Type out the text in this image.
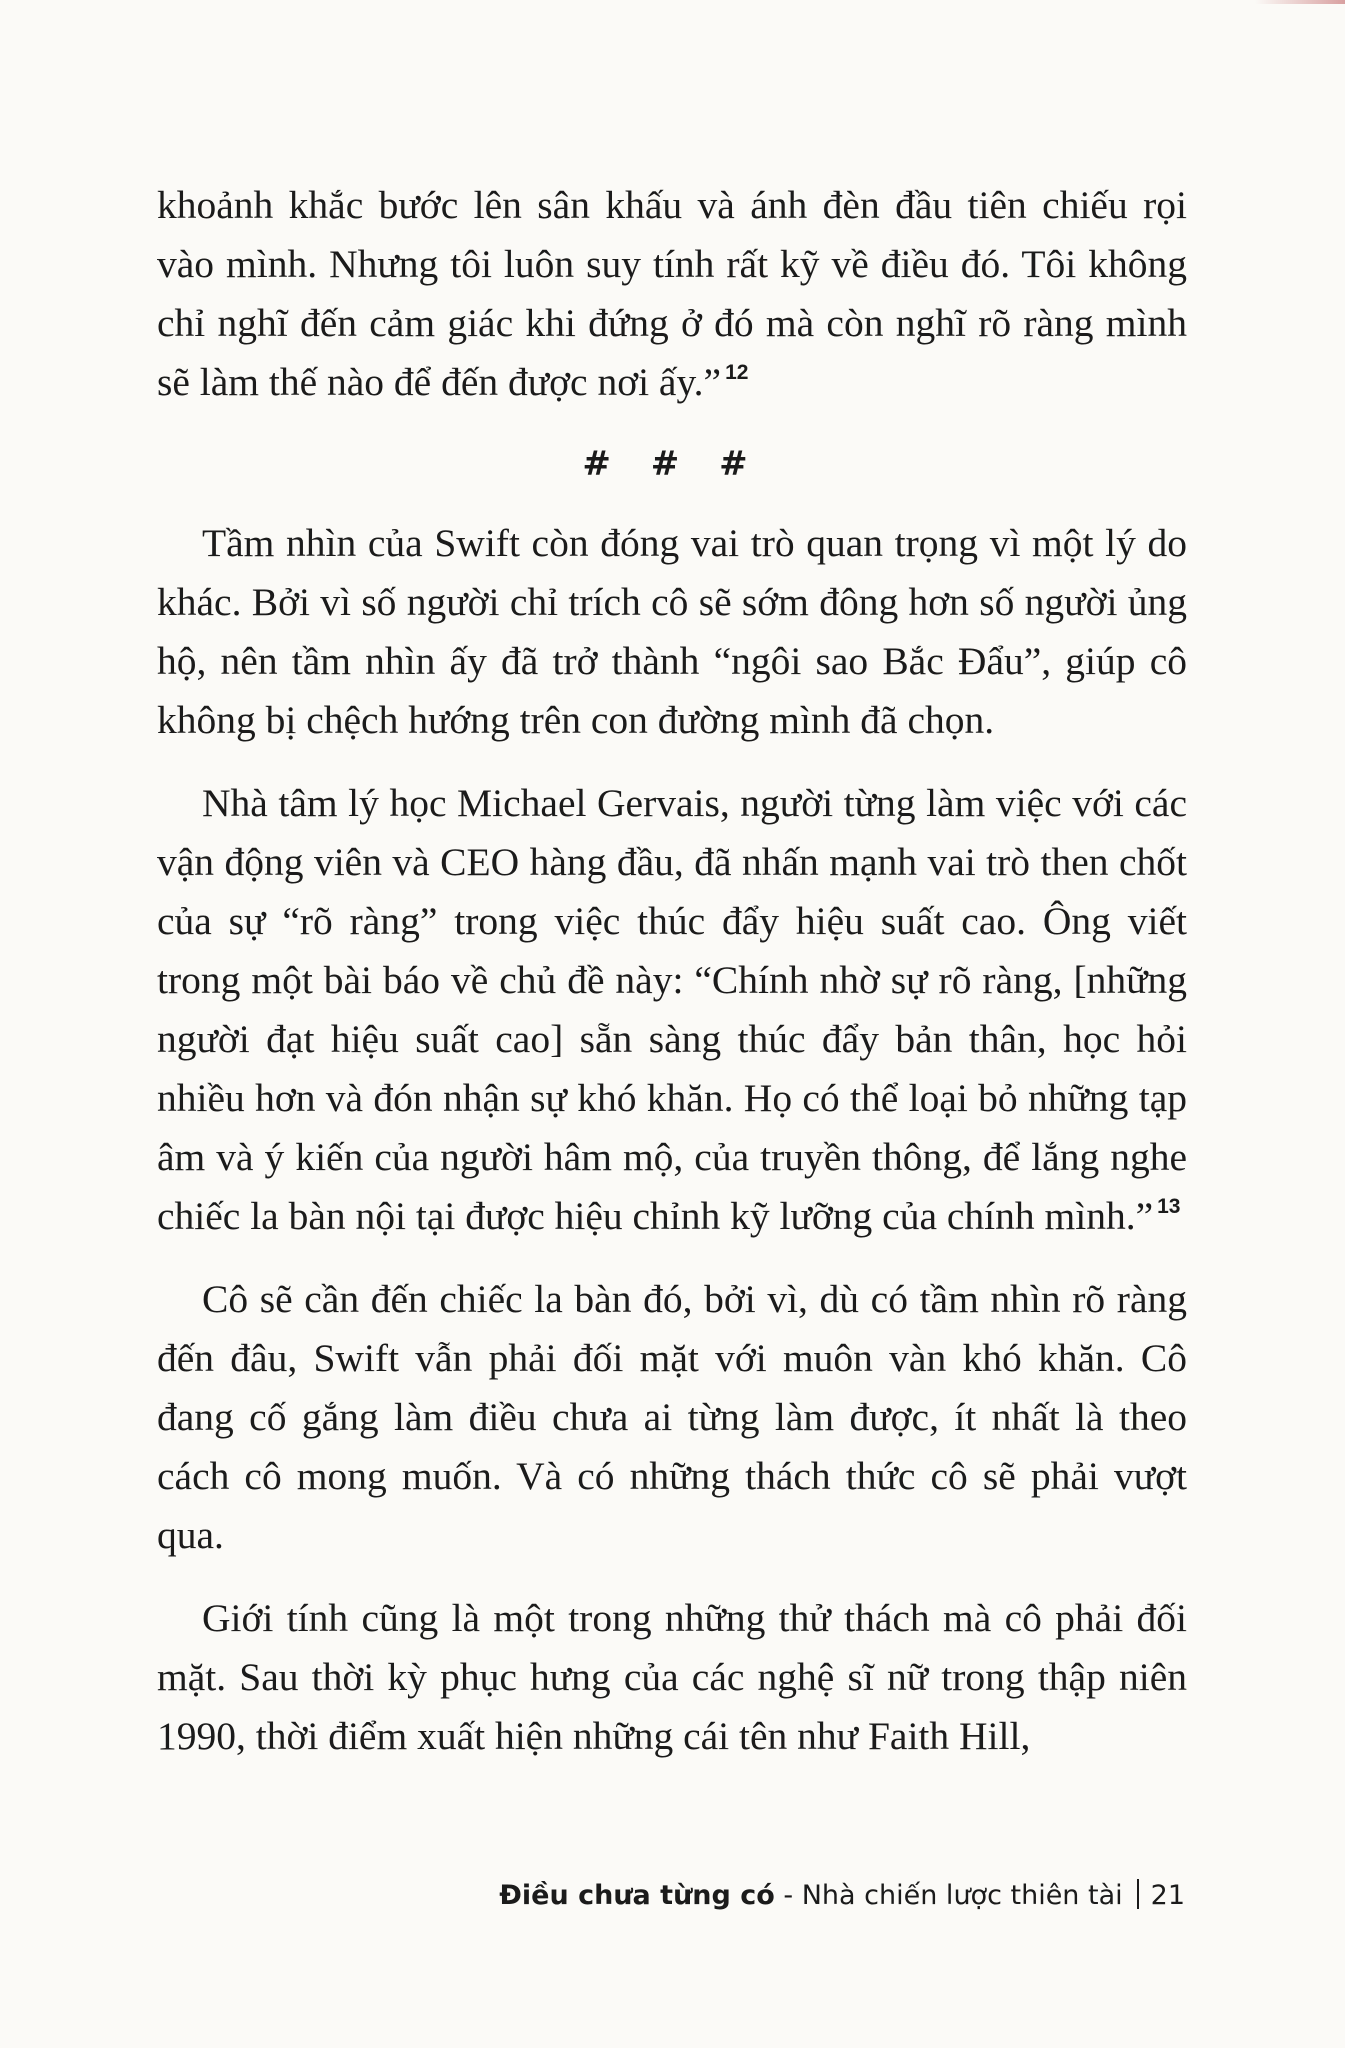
khoảnh khắc bước lên sân khấu và ánh đèn đầu tiên chiếu rọi vào mình. Nhưng tôi luôn suy tính rất kỹ về điều đó. Tôi không chỉ nghĩ đến cảm giác khi đứng ở đó mà còn nghĩ rõ ràng mình sẽ làm thế nào để đến được nơi ấy.” $^{12}$

# # #

Tầm nhìn của Swift còn đóng vai trò quan trọng vì một lý do khác. Bởi vì số người chỉ trích cô sẽ sớm đông hơn số người ủng hộ, nên tầm nhìn ấy đã trở thành “ngôi sao Bắc Đẩu”, giúp cô không bị chệch hướng trên con đường mình đã chọn.

Nhà tâm lý học Michael Gervais, người từng làm việc với các vận động viên và CEO hàng đầu, đã nhấn mạnh vai trò then chốt của sự “rõ ràng” trong việc thúc đẩy hiệu suất cao. Ông viết trong một bài báo về chủ đề này: “Chính nhờ sự rõ ràng, [những người đạt hiệu suất cao] sẵn sàng thúc đẩy bản thân, học hỏi nhiều hơn và đón nhận sự khó khăn. Họ có thể loại bỏ những tạp âm và ý kiến của người hâm mộ, của truyền thông, để lắng nghe chiếc la bàn nội tại được hiệu chỉnh kỹ lưỡng của chính mình.” $^{13}$

Cô sẽ cần đến chiếc la bàn đó, bởi vì, dù có tầm nhìn rõ ràng đến đâu, Swift vẫn phải đối mặt với muôn vàn khó khăn. Cô đang cố gắng làm điều chưa ai từng làm được, ít nhất là theo cách cô mong muốn. Và có những thách thức cô sẽ phải vượt qua.

Giới tính cũng là một trong những thử thách mà cô phải đối mặt. Sau thời kỳ phục hưng của các nghệ sĩ nữ trong thập niên 1990, thời điểm xuất hiện những cái tên như Faith Hill,

Điều chưa từng có - Nhà chiến lược thiên tài 21
